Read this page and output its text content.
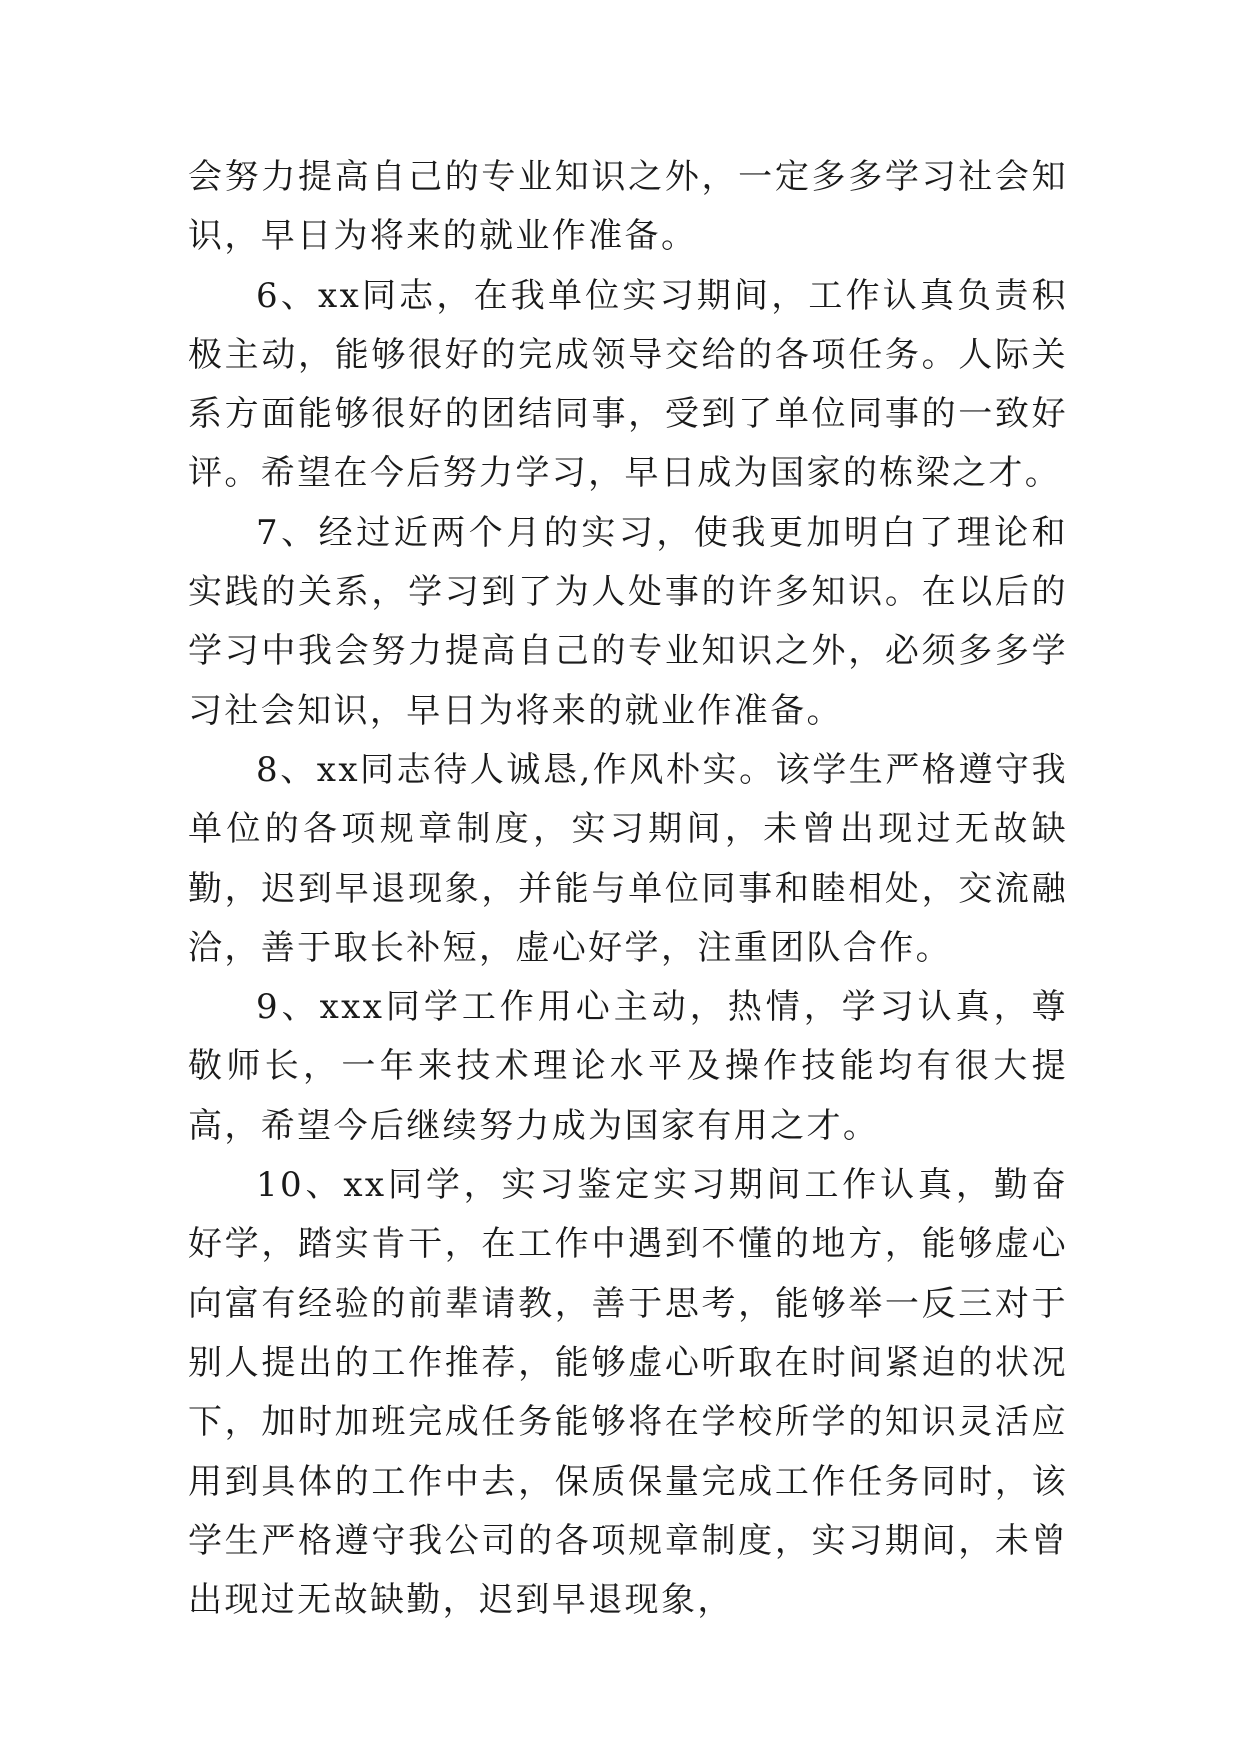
会努力提高自己的专业知识之外，一定多多学习社会知识，早日为将来的就业作准备。

6、xx同志，在我单位实习期间，工作认真负责积极主动，能够很好的完成领导交给的各项任务。人际关系方面能够很好的团结同事，受到了单位同事的一致好评。希望在今后努力学习，早日成为国家的栋梁之才。

7、经过近两个月的实习，使我更加明白了理论和实践的关系，学习到了为人处事的许多知识。在以后的学习中我会努力提高自己的专业知识之外，必须多多学习社会知识，早日为将来的就业作准备。

8、xx同志待人诚恳,作风朴实。该学生严格遵守我单位的各项规章制度，实习期间，未曾出现过无故缺勤，迟到早退现象，并能与单位同事和睦相处，交流融洽，善于取长补短，虚心好学，注重团队合作。

9、xxx同学工作用心主动，热情，学习认真，尊敬师长，一年来技术理论水平及操作技能均有很大提高，希望今后继续努力成为国家有用之才。

10、xx同学，实习鉴定实习期间工作认真，勤奋好学，踏实肯干，在工作中遇到不懂的地方，能够虚心向富有经验的前辈请教，善于思考，能够举一反三对于别人提出的工作推荐，能够虚心听取在时间紧迫的状况下，加时加班完成任务能够将在学校所学的知识灵活应用到具体的工作中去，保质保量完成工作任务同时，该学生严格遵守我公司的各项规章制度，实习期间，未曾出现过无故缺勤，迟到早退现象，
